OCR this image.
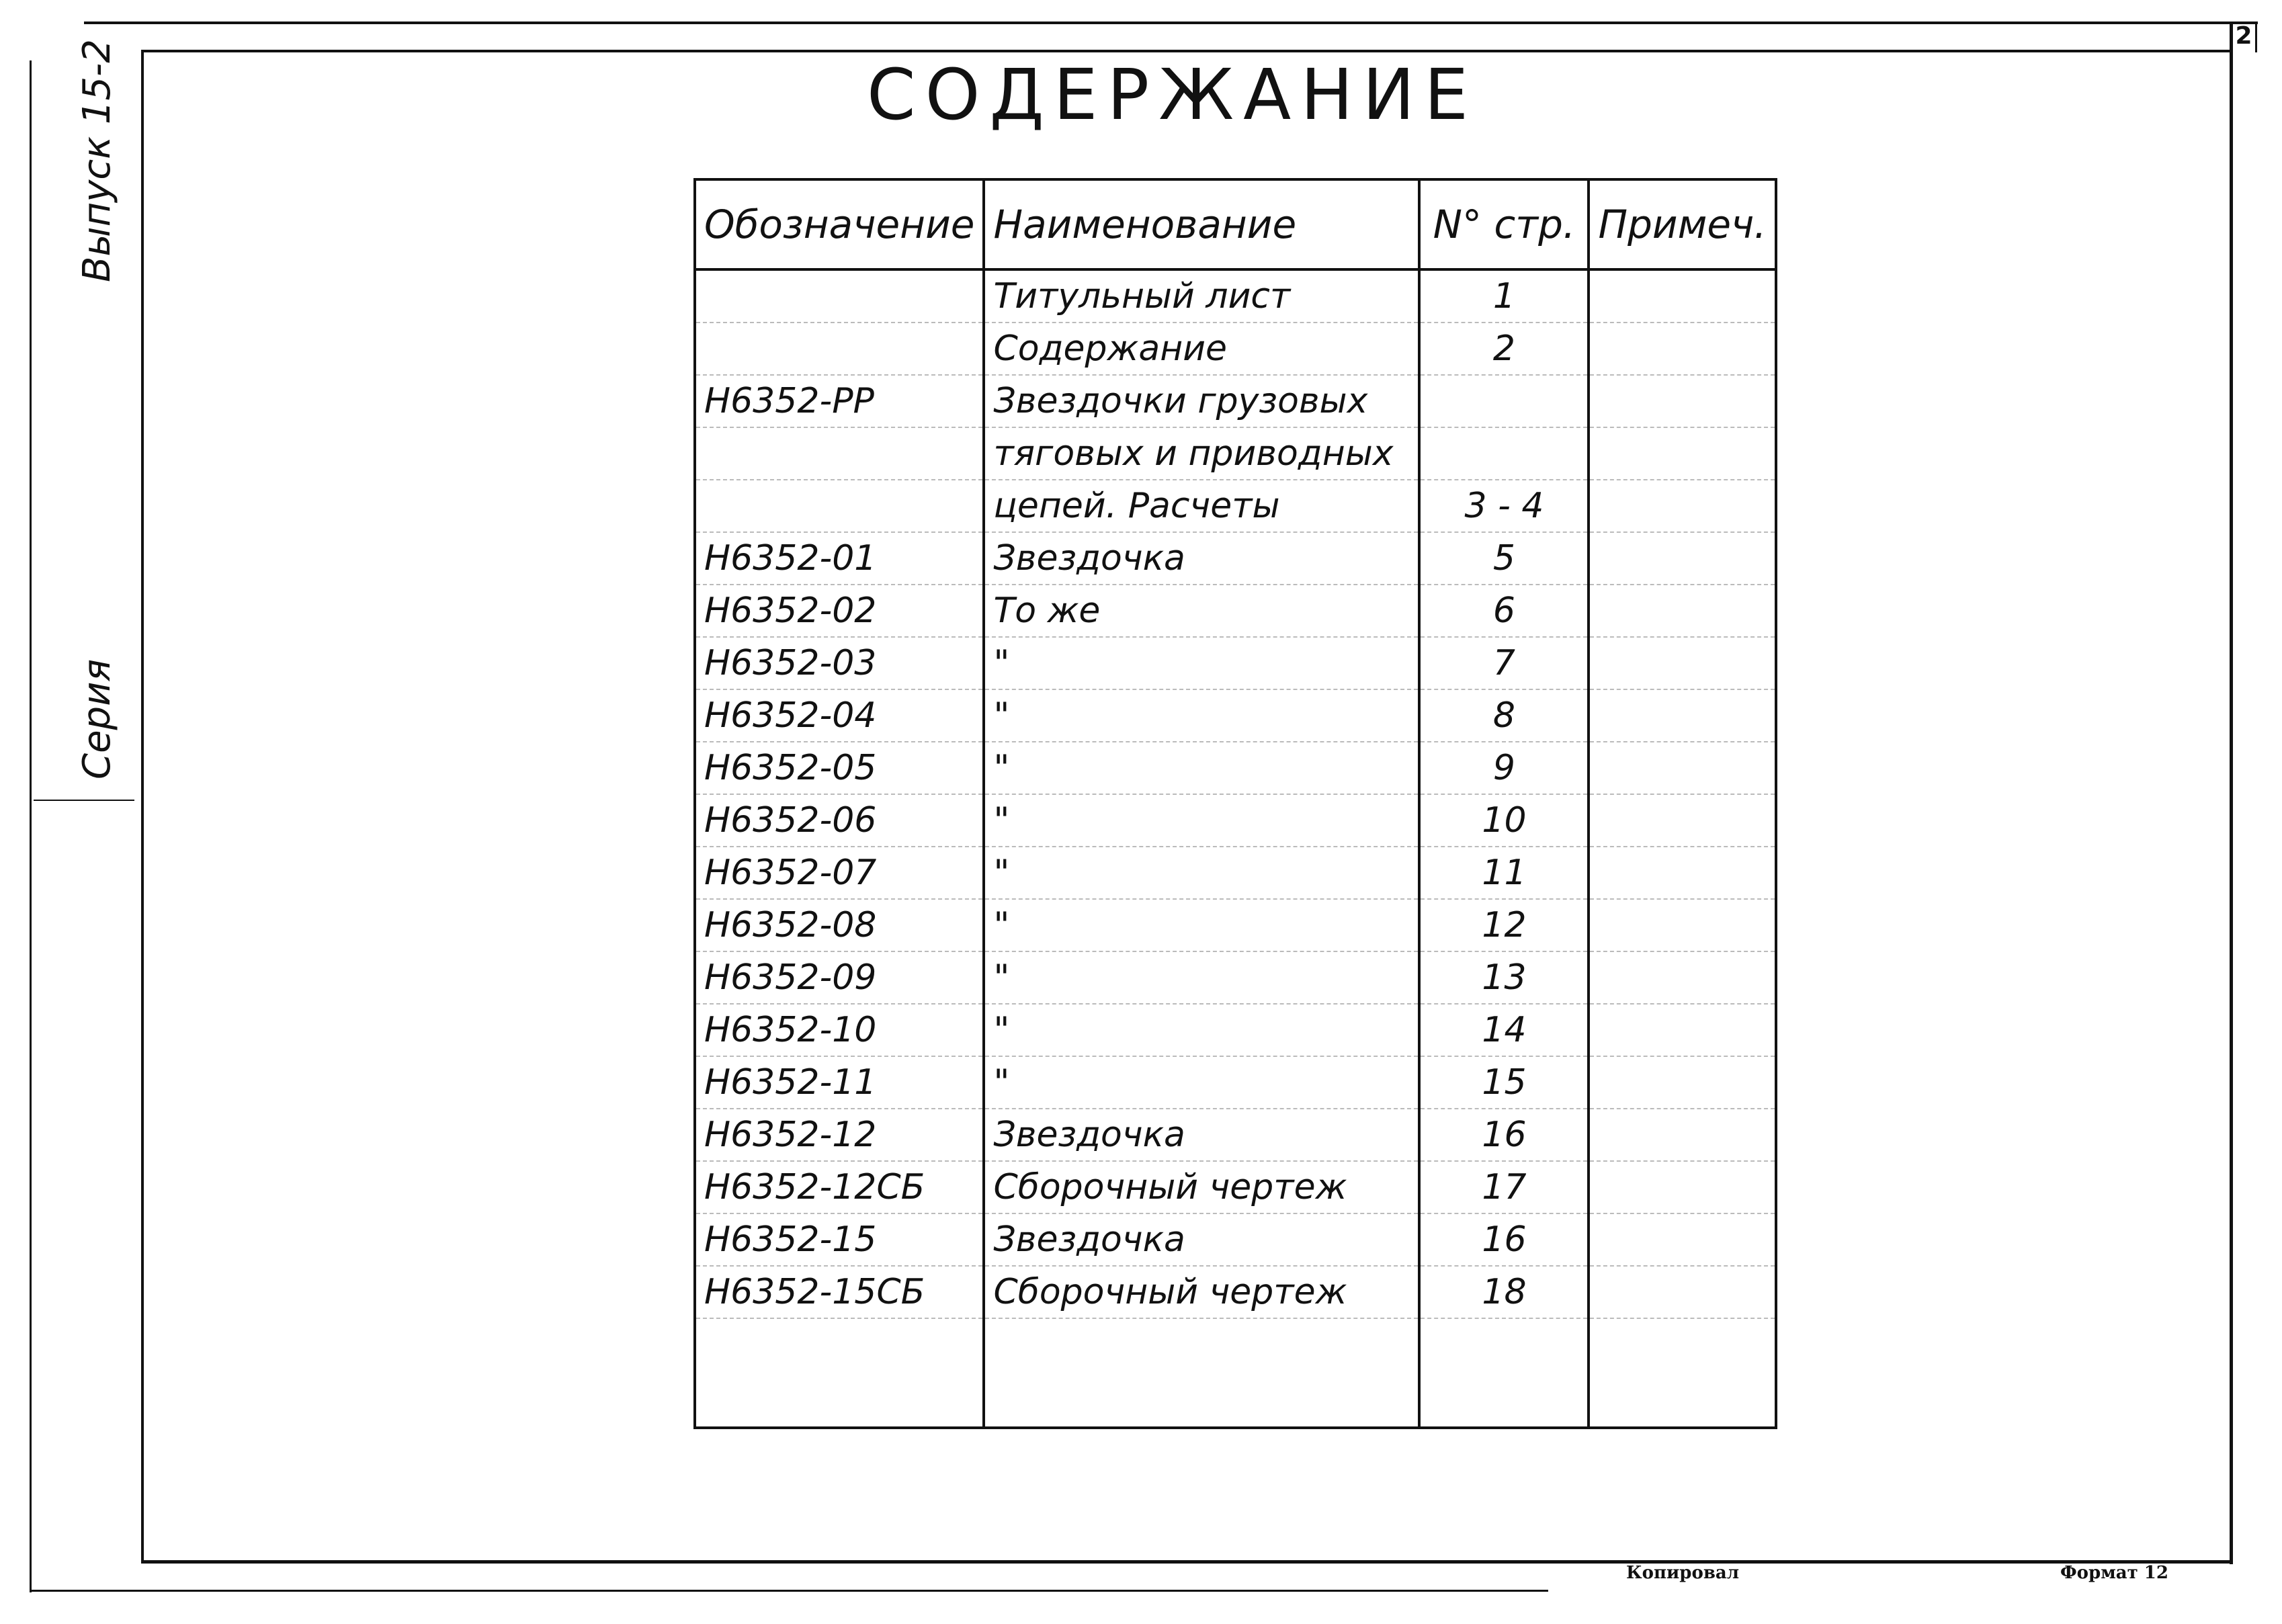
2
Выпуск 15-2
Серия
СОДЕРЖАНИЕ
Обозначение	Наименование	N° стр.	Примеч.
	Титульный лист	1	
	Содержание	2	
H6352-PP	Звездочки грузовых		
	тяговых и приводных		
	цепей. Расчеты	3 - 4	
H6352-01	Звездочка	5	
H6352-02	То же	6	
H6352-03	"	7	
H6352-04	"	8	
H6352-05	"	9	
H6352-06	"	10	
H6352-07	"	11	
H6352-08	"	12	
H6352-09	"	13	
H6352-10	"	14	
H6352-11	"	15	
H6352-12	Звездочка	16	
H6352-12СБ	Сборочный чертеж	17	
H6352-15	Звездочка	16	
H6352-15СБ	Сборочный чертеж	18	

Копировал	Формат 12
